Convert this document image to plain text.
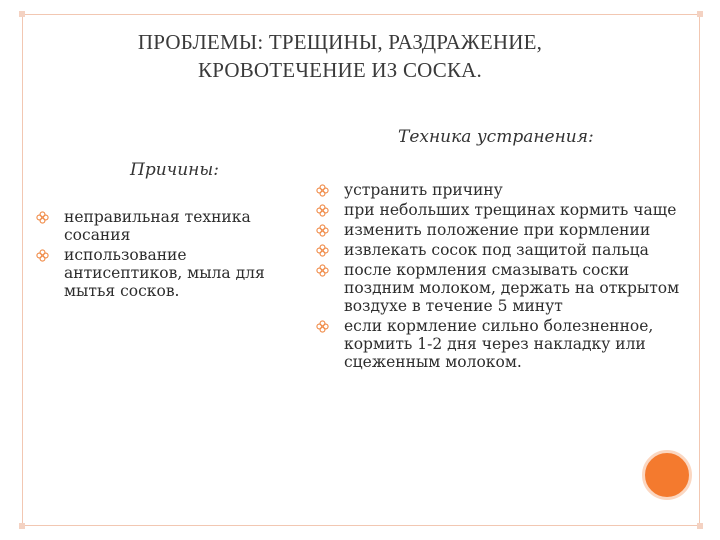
ПРОБЛЕМЫ: ТРЕЩИНЫ, РАЗДРАЖЕНИЕ,
КРОВОТЕЧЕНИЕ ИЗ СОСКА.
Причины:
Техника устранения:
неправильная техника сосания
использование антисептиков, мыла для мытья сосков.
устранить причину
при небольших трещинах кормить чаще
изменить положение при кормлении
извлекать сосок под защитой пальца
после кормления смазывать соски поздним молоком, держать на открытом воздухе в течение 5 минут
если кормление сильно болезненное, кормить 1-2 дня через накладку или сцеженным молоком.
